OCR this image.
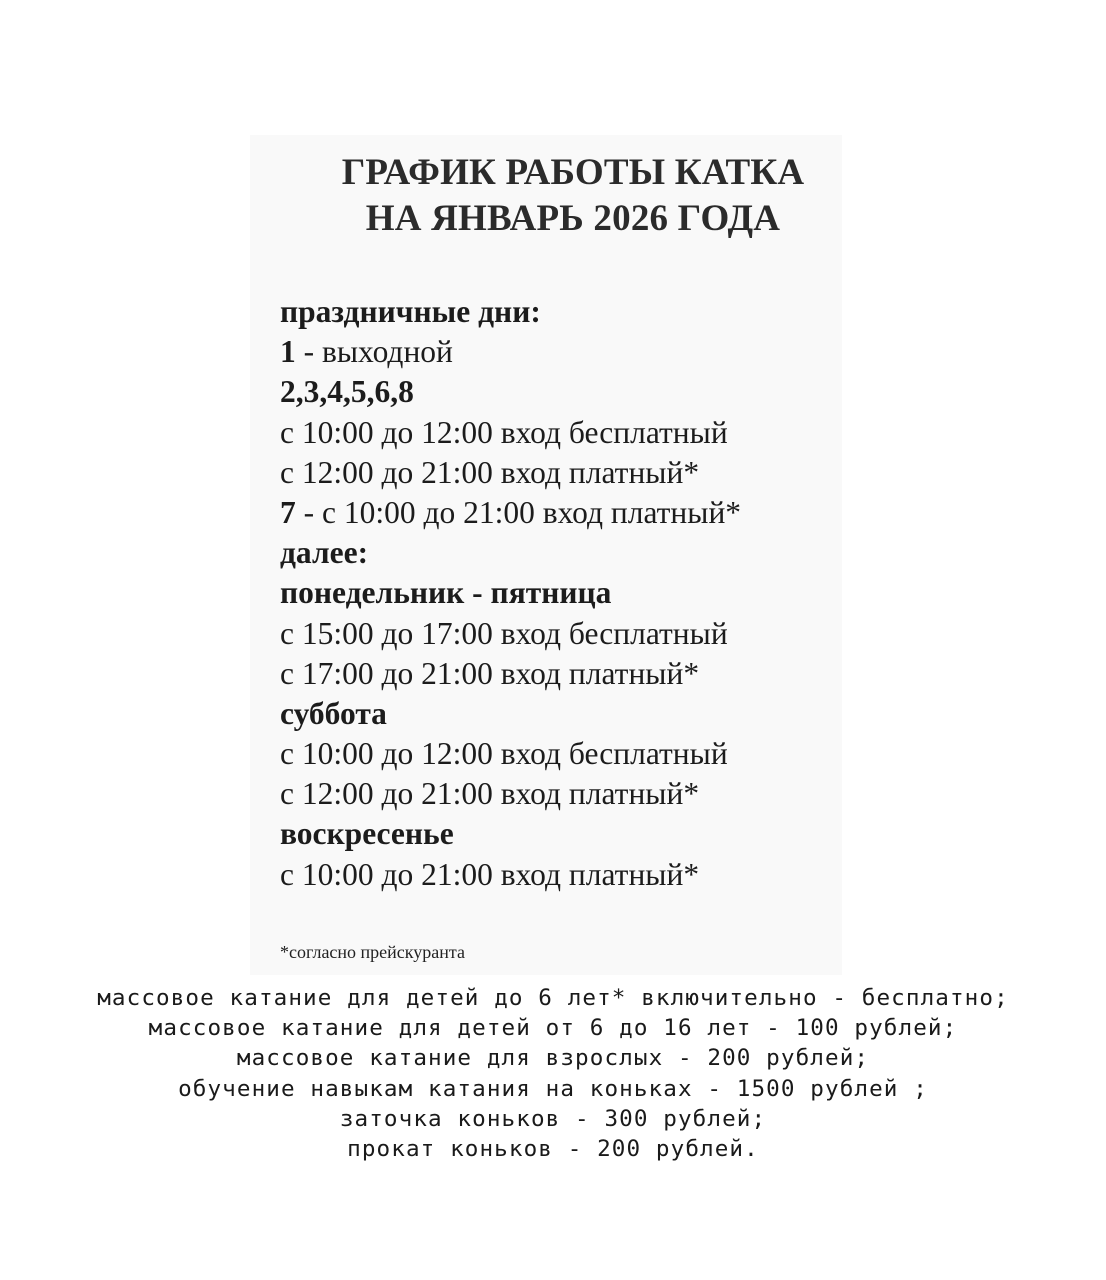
ГРАФИК РАБОТЫ КАТКА
НА ЯНВАРЬ 2026 ГОДА
праздничные дни:
1 - выходной
2,3,4,5,6,8
с 10:00 до 12:00 вход бесплатный
с 12:00 до 21:00 вход платный*
7 - с 10:00 до 21:00 вход платный*
далее:
понедельник - пятница
с 15:00 до 17:00 вход бесплатный
с 17:00 до 21:00 вход платный*
суббота
с 10:00 до 12:00 вход бесплатный
с 12:00 до 21:00 вход платный*
воскресенье
с 10:00 до 21:00 вход платный*
*согласно прейскуранта
массовое катание для детей до 6 лет* включительно - бесплатно;
массовое катание для детей от 6 до 16 лет - 100 рублей;
массовое катание для взрослых - 200 рублей;
обучение навыкам катания на коньках - 1500 рублей ;
заточка коньков - 300 рублей;
прокат коньков - 200 рублей.
